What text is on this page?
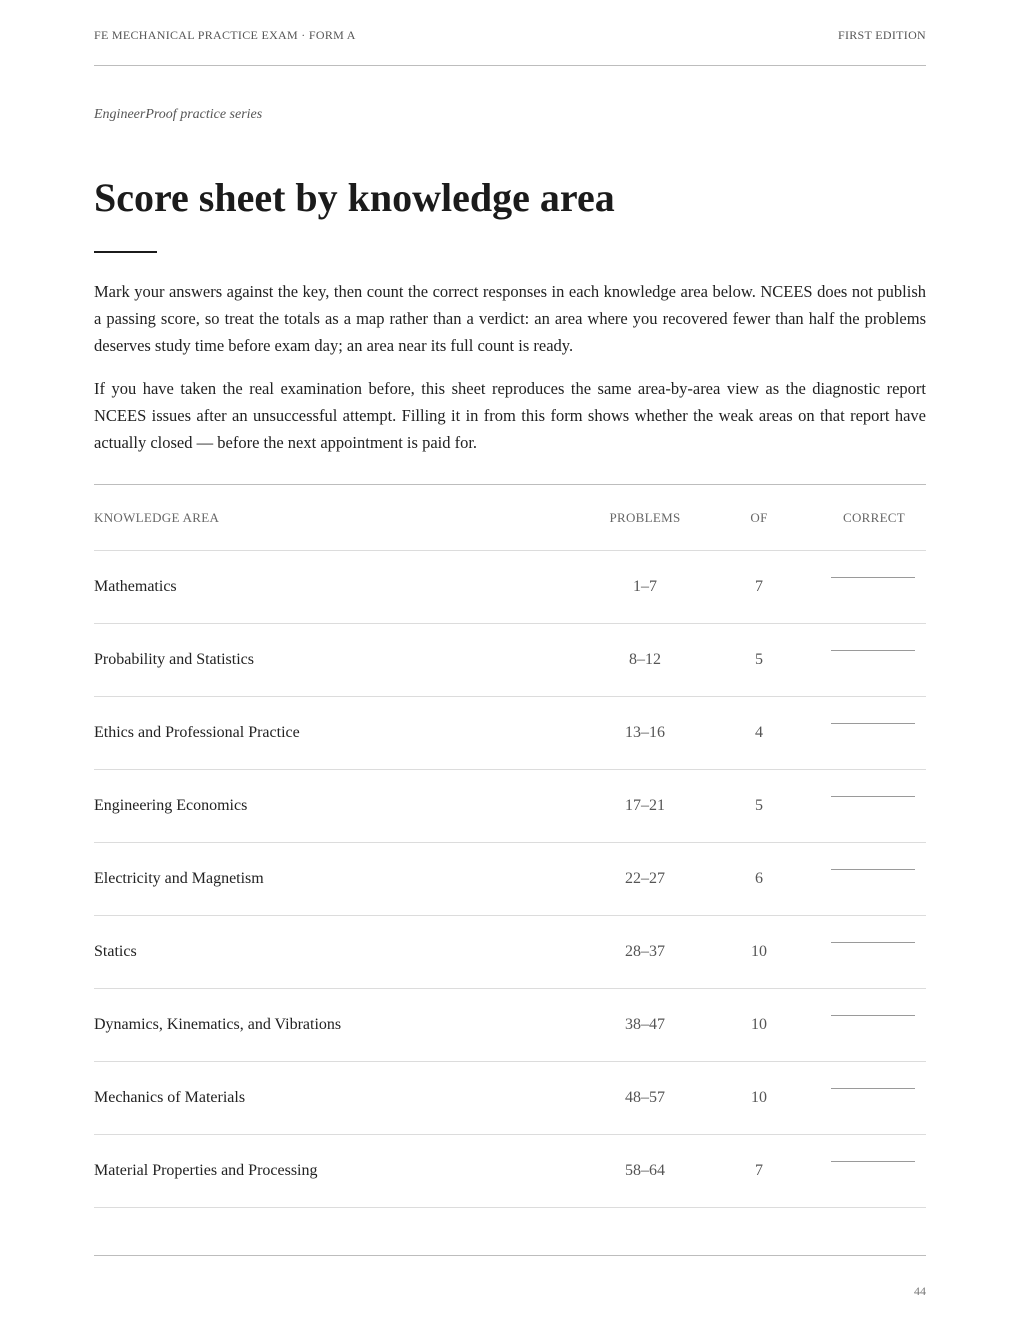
FE MECHANICAL PRACTICE EXAM · FORM A	FIRST EDITION
EngineerProof practice series
Score sheet by knowledge area

Mark your answers against the key, then count the correct responses in each knowledge area below. NCEES does not publish a passing score, so treat the totals as a map rather than a verdict: an area where you recovered fewer than half the problems deserves study time before exam day; an area near its full count is ready.

If you have taken the real examination before, this sheet reproduces the same area-by-area view as the diagnostic report NCEES issues after an unsuccessful attempt. Filling it in from this form shows whether the weak areas on that report have actually closed — before the next appointment is paid for.

KNOWLEDGE AREA	PROBLEMS	OF	CORRECT
Mathematics	1–7	7
Probability and Statistics	8–12	5
Ethics and Professional Practice	13–16	4
Engineering Economics	17–21	5
Electricity and Magnetism	22–27	6
Statics	28–37	10
Dynamics, Kinematics, and Vibrations	38–47	10
Mechanics of Materials	48–57	10
Material Properties and Processing	58–64	7
44
